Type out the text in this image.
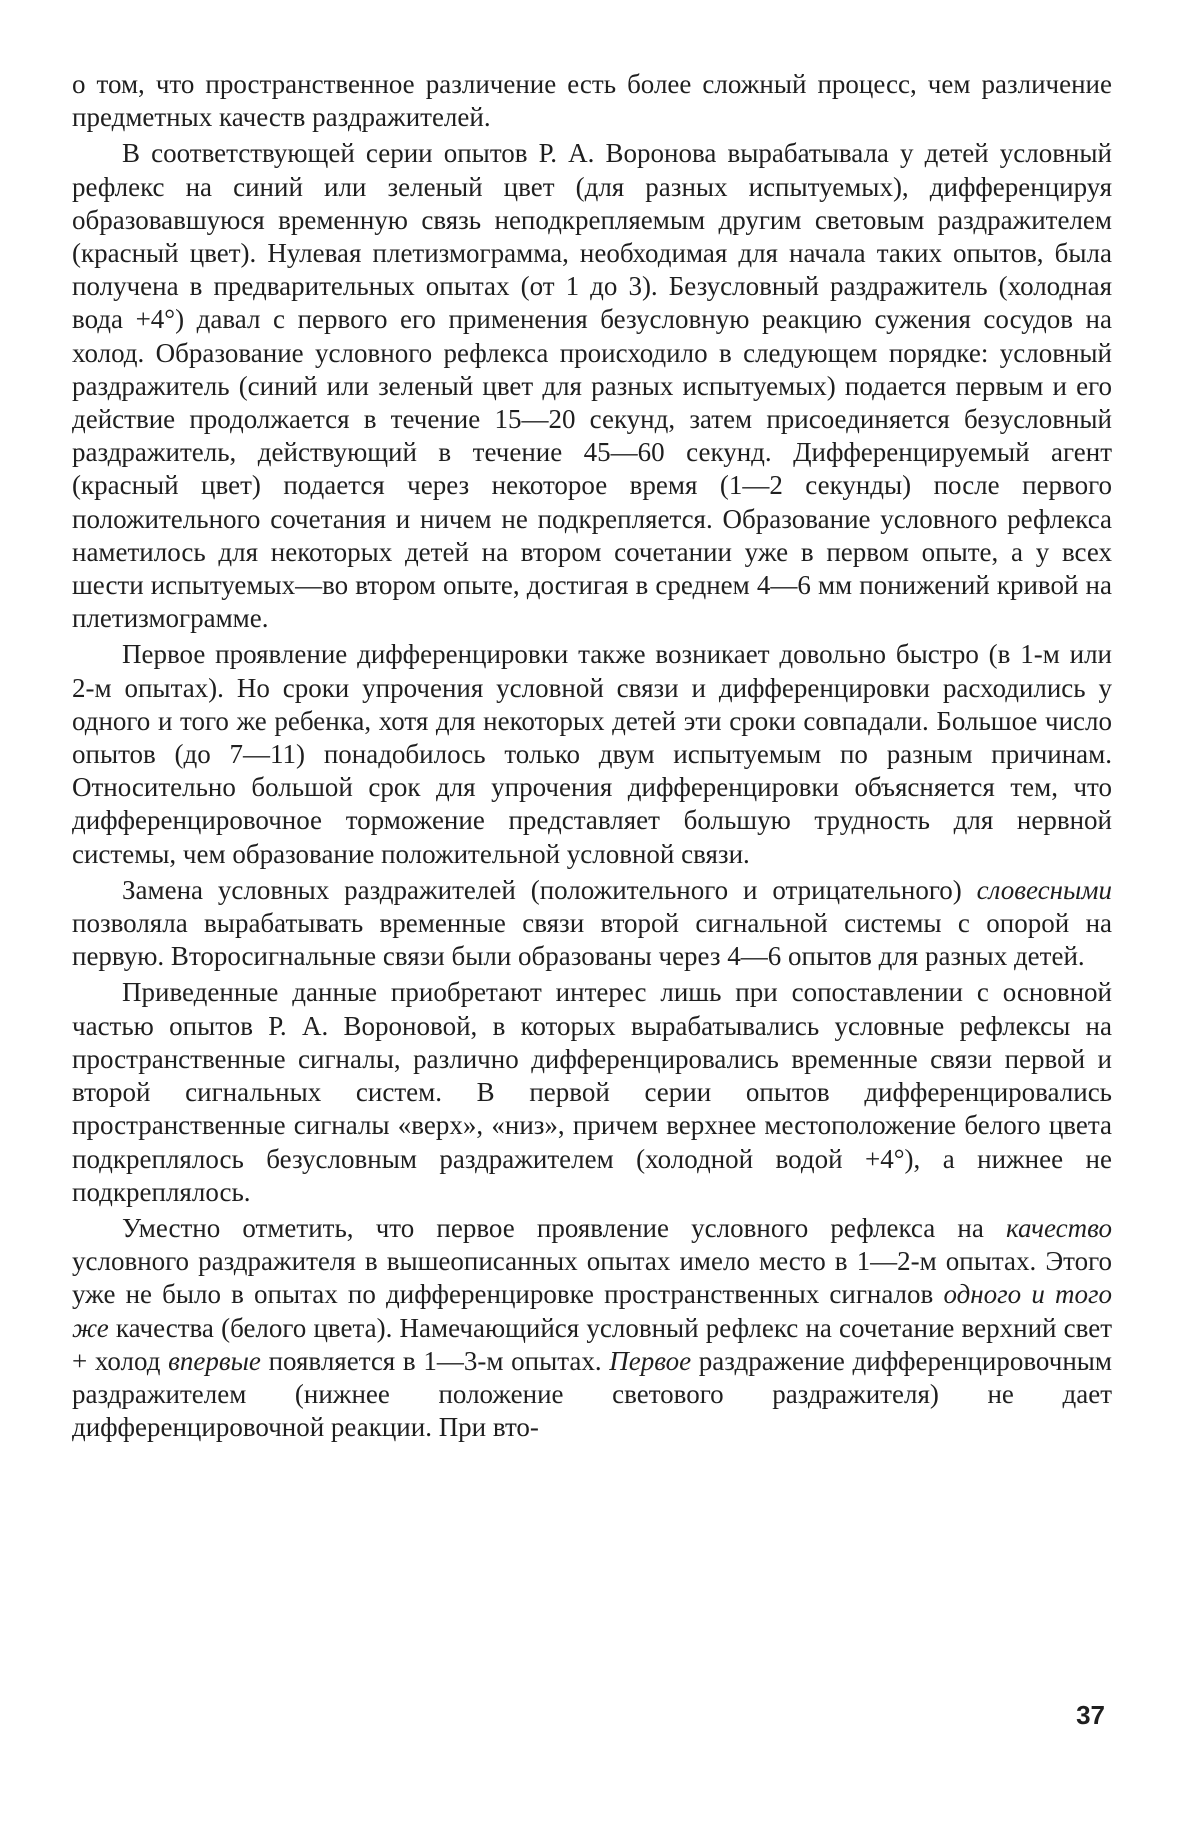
о том, что пространственное различение есть более сложный процесс, чем различение предметных качеств раздражителей.

В соответствующей серии опытов Р. А. Воронова вырабатывала у детей условный рефлекс на синий или зеленый цвет (для разных испытуемых), дифференцируя образовавшуюся временную связь неподкрепляемым другим световым раздражителем (красный цвет). Нулевая плетизмограмма, необходимая для начала таких опытов, была получена в предварительных опытах (от 1 до 3). Безусловный раздражитель (холодная вода +4°) давал с первого его применения безусловную реакцию сужения сосудов на холод. Образование условного рефлекса происходило в следующем порядке: условный раздражитель (синий или зеленый цвет для разных испытуемых) подается первым и его действие продолжается в течение 15—20 секунд, затем присоединяется безусловный раздражитель, действующий в течение 45—60 секунд. Дифференцируемый агент (красный цвет) подается через некоторое время (1—2 секунды) после первого положительного сочетания и ничем не подкрепляется. Образование условного рефлекса наметилось для некоторых детей на втором сочетании уже в первом опыте, а у всех шести испытуемых—во втором опыте, достигая в среднем 4—6 мм понижений кривой на плетизмограмме.

Первое проявление дифференцировки также возникает довольно быстро (в 1-м или 2-м опытах). Но сроки упрочения условной связи и дифференцировки расходились у одного и того же ребенка, хотя для некоторых детей эти сроки совпадали. Большое число опытов (до 7—11) понадобилось только двум испытуемым по разным причинам. Относительно большой срок для упрочения дифференцировки объясняется тем, что дифференцировочное торможение представляет большую трудность для нервной системы, чем образование положительной условной связи.

Замена условных раздражителей (положительного и отрицательного) словесными позволяла вырабатывать временные связи второй сигнальной системы с опорой на первую. Второсигнальные связи были образованы через 4—6 опытов для разных детей.

Приведенные данные приобретают интерес лишь при сопоставлении с основной частью опытов Р. А. Вороновой, в которых вырабатывались условные рефлексы на пространственные сигналы, различно дифференцировались временные связи первой и второй сигнальных систем. В первой серии опытов дифференцировались пространственные сигналы «верх», «низ», причем верхнее местоположение белого цвета подкреплялось безусловным раздражителем (холодной водой +4°), а нижнее не подкреплялось.

Уместно отметить, что первое проявление условного рефлекса на качество условного раздражителя в вышеописанных опытах имело место в 1—2-м опытах. Этого уже не было в опытах по дифференцировке пространственных сигналов одного и того же качества (белого цвета). Намечающийся условный рефлекс на сочетание верхний свет + холод впервые появляется в 1—3-м опытах. Первое раздражение дифференцировочным раздражителем (нижнее положение светового раздражителя) не дает дифференцировочной реакции. При вто-

37
